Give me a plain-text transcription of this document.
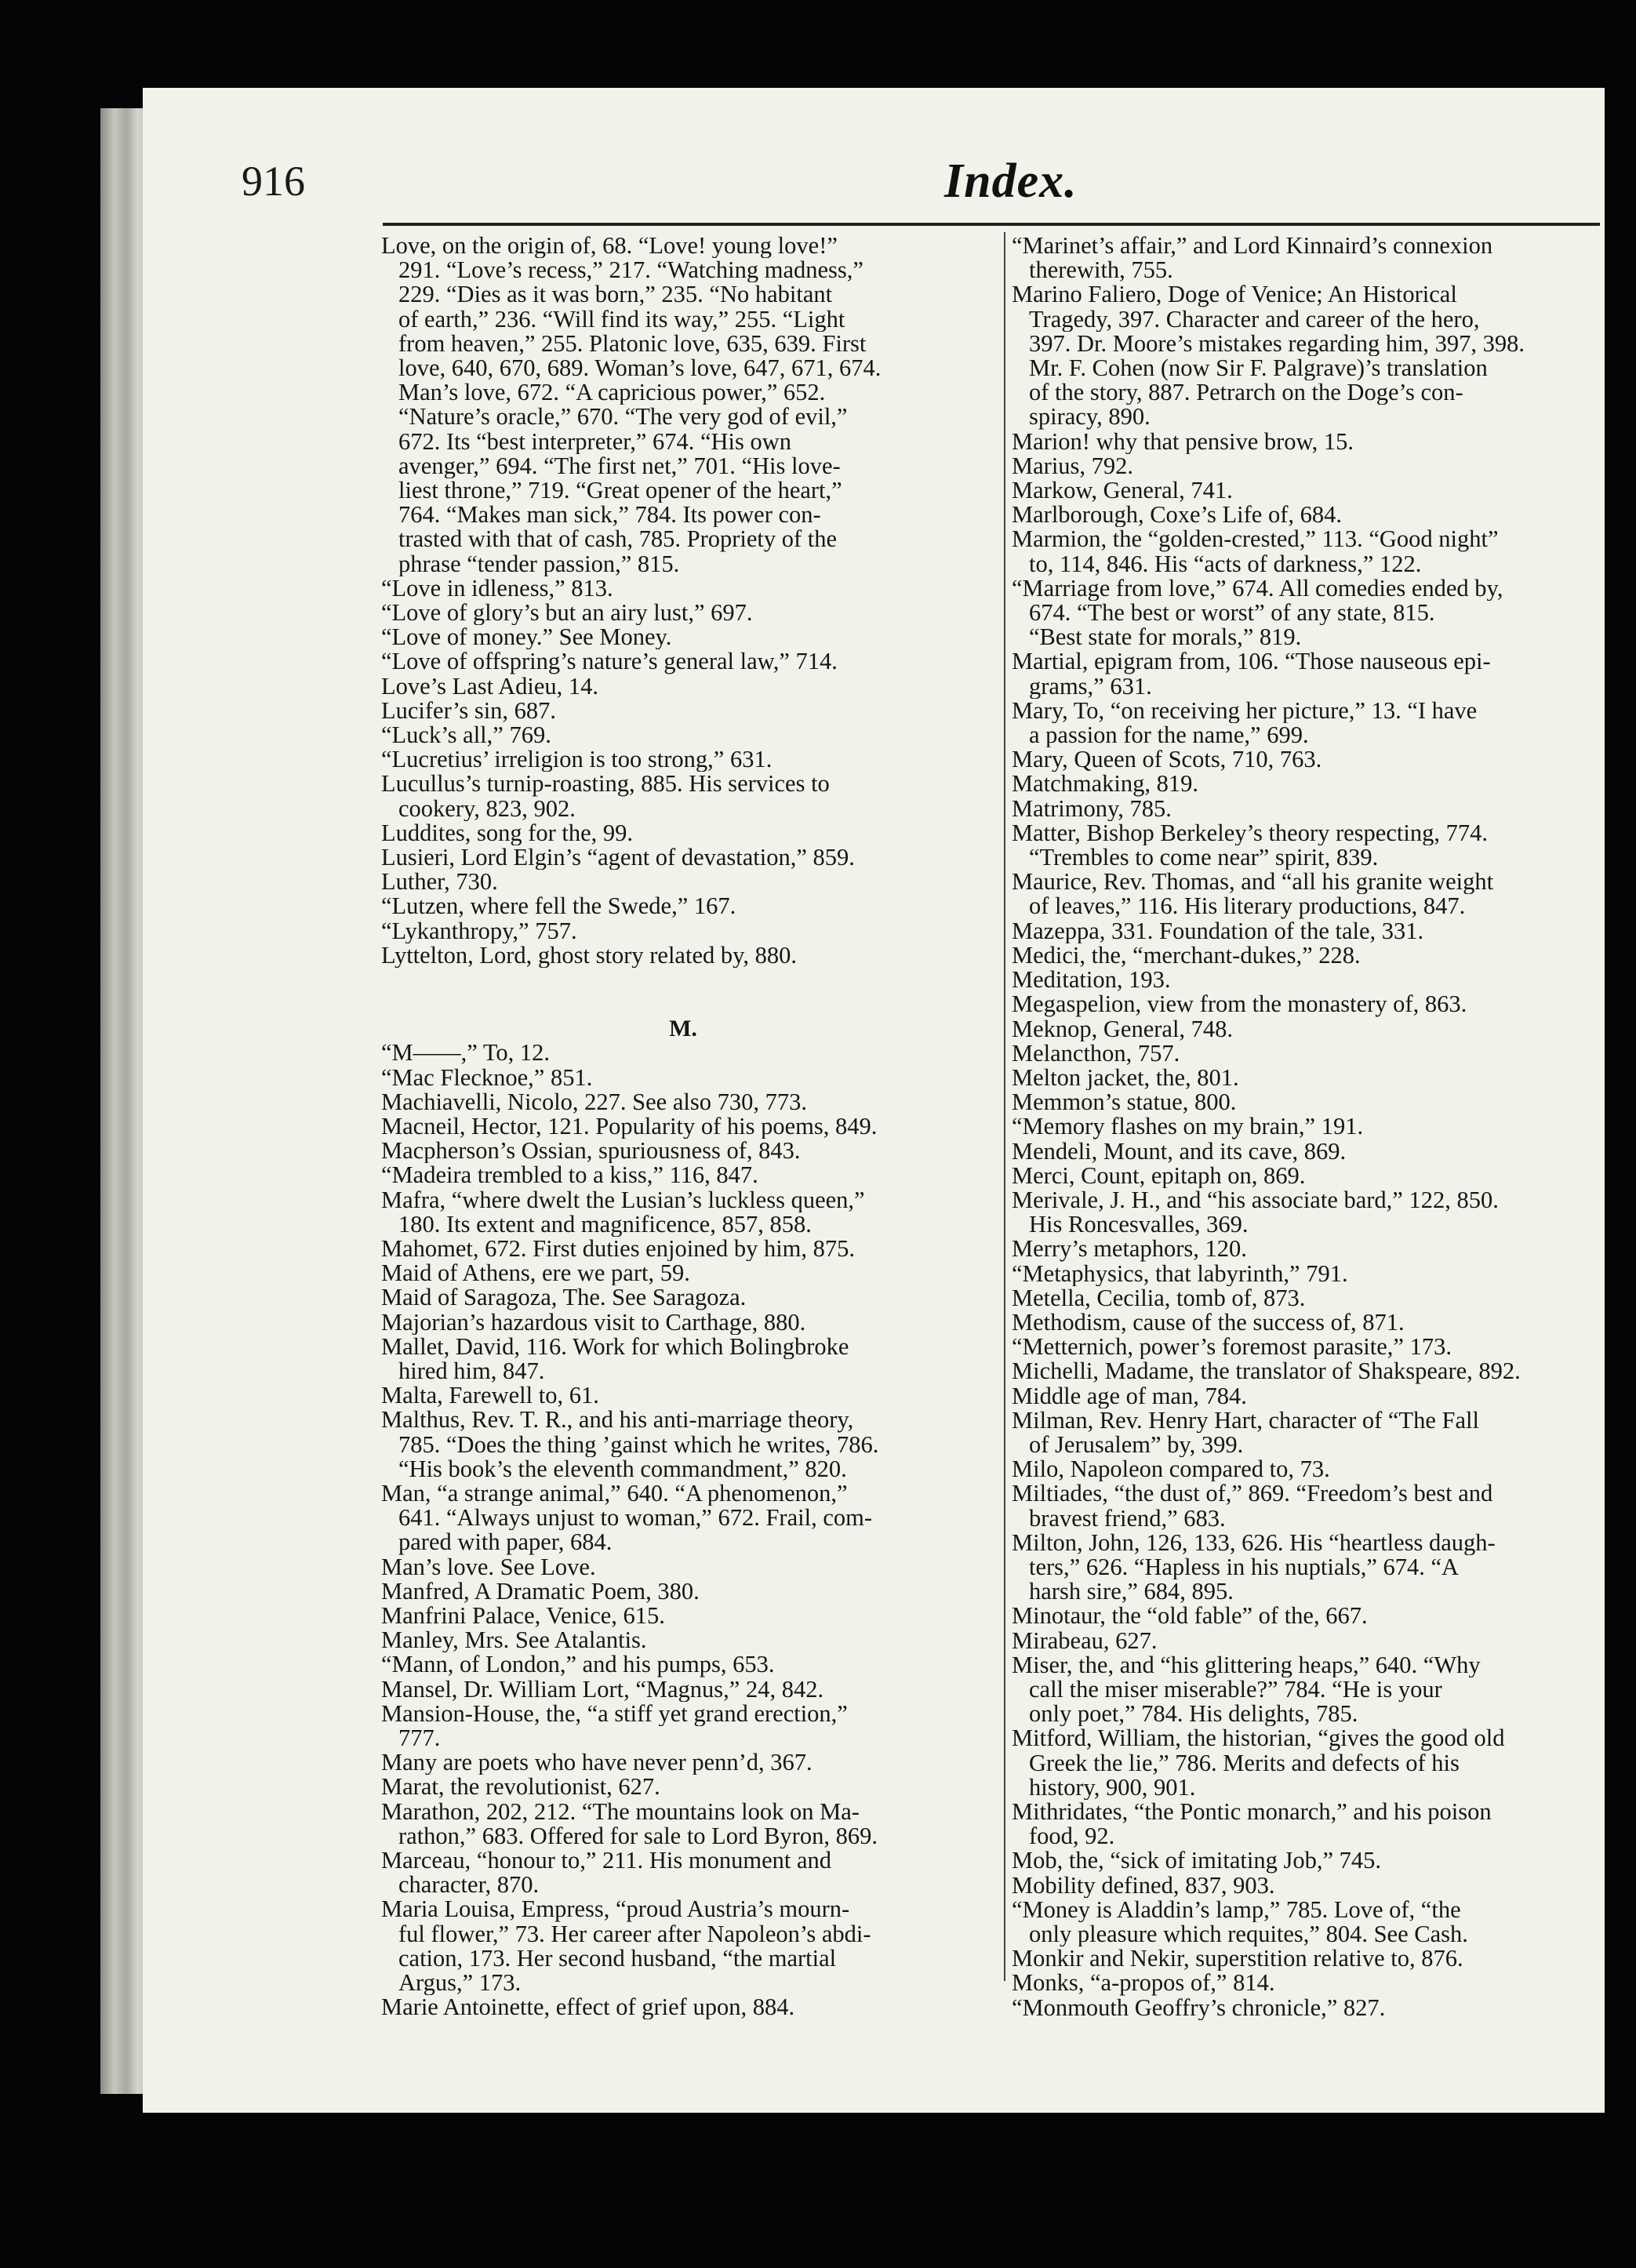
916	Index.
Love, on the origin of, 68. “Love! young love!”
291. “Love’s recess,” 217. “Watching madness,”
229. “Dies as it was born,” 235. “No habitant
of earth,” 236. “Will find its way,” 255. “Light
from heaven,” 255. Platonic love, 635, 639. First
love, 640, 670, 689. Woman’s love, 647, 671, 674.
Man’s love, 672. “A capricious power,” 652.
“Nature’s oracle,” 670. “The very god of evil,”
672. Its “best interpreter,” 674. “His own
avenger,” 694. “The first net,” 701. “His love-
liest throne,” 719. “Great opener of the heart,”
764. “Makes man sick,” 784. Its power con-
trasted with that of cash, 785. Propriety of the
phrase “tender passion,” 815.
“Love in idleness,” 813.
“Love of glory’s but an airy lust,” 697.
“Love of money.” See Money.
“Love of offspring’s nature’s general law,” 714.
Love’s Last Adieu, 14.
Lucifer’s sin, 687.
“Luck’s all,” 769.
“Lucretius’ irreligion is too strong,” 631.
Lucullus’s turnip-roasting, 885. His services to
cookery, 823, 902.
Luddites, song for the, 99.
Lusieri, Lord Elgin’s “agent of devastation,” 859.
Luther, 730.
“Lutzen, where fell the Swede,” 167.
“Lykanthropy,” 757.
Lyttelton, Lord, ghost story related by, 880.
M.
“M——,” To, 12.
“Mac Flecknoe,” 851.
Machiavelli, Nicolo, 227. See also 730, 773.
Macneil, Hector, 121. Popularity of his poems, 849.
Macpherson’s Ossian, spuriousness of, 843.
“Madeira trembled to a kiss,” 116, 847.
Mafra, “where dwelt the Lusian’s luckless queen,”
180. Its extent and magnificence, 857, 858.
Mahomet, 672. First duties enjoined by him, 875.
Maid of Athens, ere we part, 59.
Maid of Saragoza, The. See Saragoza.
Majorian’s hazardous visit to Carthage, 880.
Mallet, David, 116. Work for which Bolingbroke
hired him, 847.
Malta, Farewell to, 61.
Malthus, Rev. T. R., and his anti-marriage theory,
785. “Does the thing ’gainst which he writes, 786.
“His book’s the eleventh commandment,” 820.
Man, “a strange animal,” 640. “A phenomenon,”
641. “Always unjust to woman,” 672. Frail, com-
pared with paper, 684.
Man’s love. See Love.
Manfred, A Dramatic Poem, 380.
Manfrini Palace, Venice, 615.
Manley, Mrs. See Atalantis.
“Mann, of London,” and his pumps, 653.
Mansel, Dr. William Lort, “Magnus,” 24, 842.
Mansion-House, the, “a stiff yet grand erection,”
777.
Many are poets who have never penn’d, 367.
Marat, the revolutionist, 627.
Marathon, 202, 212. “The mountains look on Ma-
rathon,” 683. Offered for sale to Lord Byron, 869.
Marceau, “honour to,” 211. His monument and
character, 870.
Maria Louisa, Empress, “proud Austria’s mourn-
ful flower,” 73. Her career after Napoleon’s abdi-
cation, 173. Her second husband, “the martial
Argus,” 173.
Marie Antoinette, effect of grief upon, 884.
“Marinet’s affair,” and Lord Kinnaird’s connexion
therewith, 755.
Marino Faliero, Doge of Venice; An Historical
Tragedy, 397. Character and career of the hero,
397. Dr. Moore’s mistakes regarding him, 397, 398.
Mr. F. Cohen (now Sir F. Palgrave)’s translation
of the story, 887. Petrarch on the Doge’s con-
spiracy, 890.
Marion! why that pensive brow, 15.
Marius, 792.
Markow, General, 741.
Marlborough, Coxe’s Life of, 684.
Marmion, the “golden-crested,” 113. “Good night”
to, 114, 846. His “acts of darkness,” 122.
“Marriage from love,” 674. All comedies ended by,
674. “The best or worst” of any state, 815.
“Best state for morals,” 819.
Martial, epigram from, 106. “Those nauseous epi-
grams,” 631.
Mary, To, “on receiving her picture,” 13. “I have
a passion for the name,” 699.
Mary, Queen of Scots, 710, 763.
Matchmaking, 819.
Matrimony, 785.
Matter, Bishop Berkeley’s theory respecting, 774.
“Trembles to come near” spirit, 839.
Maurice, Rev. Thomas, and “all his granite weight
of leaves,” 116. His literary productions, 847.
Mazeppa, 331. Foundation of the tale, 331.
Medici, the, “merchant-dukes,” 228.
Meditation, 193.
Megaspelion, view from the monastery of, 863.
Meknop, General, 748.
Melancthon, 757.
Melton jacket, the, 801.
Memmon’s statue, 800.
“Memory flashes on my brain,” 191.
Mendeli, Mount, and its cave, 869.
Merci, Count, epitaph on, 869.
Merivale, J. H., and “his associate bard,” 122, 850.
His Roncesvalles, 369.
Merry’s metaphors, 120.
“Metaphysics, that labyrinth,” 791.
Metella, Cecilia, tomb of, 873.
Methodism, cause of the success of, 871.
“Metternich, power’s foremost parasite,” 173.
Michelli, Madame, the translator of Shakspeare, 892.
Middle age of man, 784.
Milman, Rev. Henry Hart, character of “The Fall
of Jerusalem” by, 399.
Milo, Napoleon compared to, 73.
Miltiades, “the dust of,” 869. “Freedom’s best and
bravest friend,” 683.
Milton, John, 126, 133, 626. His “heartless daugh-
ters,” 626. “Hapless in his nuptials,” 674. “A
harsh sire,” 684, 895.
Minotaur, the “old fable” of the, 667.
Mirabeau, 627.
Miser, the, and “his glittering heaps,” 640. “Why
call the miser miserable?” 784. “He is your
only poet,” 784. His delights, 785.
Mitford, William, the historian, “gives the good old
Greek the lie,” 786. Merits and defects of his
history, 900, 901.
Mithridates, “the Pontic monarch,” and his poison
food, 92.
Mob, the, “sick of imitating Job,” 745.
Mobility defined, 837, 903.
“Money is Aladdin’s lamp,” 785. Love of, “the
only pleasure which requites,” 804. See Cash.
Monkir and Nekir, superstition relative to, 876.
Monks, “a-propos of,” 814.
“Monmouth Geoffry’s chronicle,” 827.
